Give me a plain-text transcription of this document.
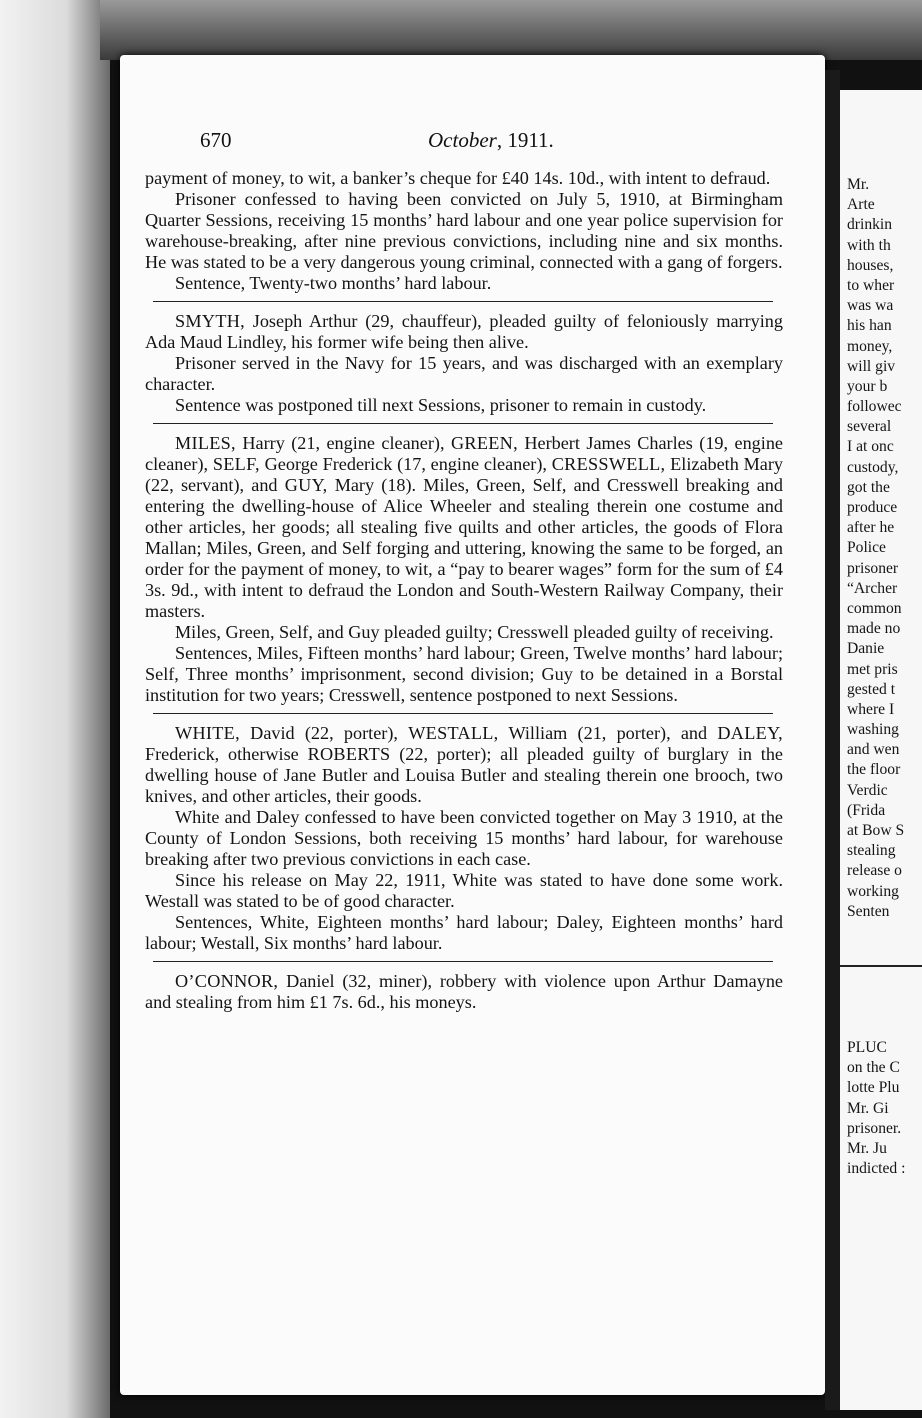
670	October, 1911.

payment of money, to wit, a banker’s cheque for £40 14s. 10d., with intent to defraud.

Prisoner confessed to having been convicted on July 5, 1910, at Birmingham Quarter Sessions, receiving 15 months’ hard labour and one year police supervision for warehouse-breaking, after nine previous convictions, including nine and six months. He was stated to be a very dangerous young criminal, connected with a gang of forgers.

Sentence, Twenty-two months’ hard labour.

SMYTH, Joseph Arthur (29, chauffeur), pleaded guilty of feloniously marrying Ada Maud Lindley, his former wife being then alive.

Prisoner served in the Navy for 15 years, and was discharged with an exemplary character.

Sentence was postponed till next Sessions, prisoner to remain in custody.

MILES, Harry (21, engine cleaner), GREEN, Herbert James Charles (19, engine cleaner), SELF, George Frederick (17, engine cleaner), CRESSWELL, Elizabeth Mary (22, servant), and GUY, Mary (18). Miles, Green, Self, and Cresswell breaking and entering the dwelling-house of Alice Wheeler and stealing therein one costume and other articles, her goods; all stealing five quilts and other articles, the goods of Flora Mallan; Miles, Green, and Self forging and uttering, knowing the same to be forged, an order for the payment of money, to wit, a “pay to bearer wages” form for the sum of £4 3s. 9d., with intent to defraud the London and South-Western Railway Company, their masters.

Miles, Green, Self, and Guy pleaded guilty; Cresswell pleaded guilty of receiving.

Sentences, Miles, Fifteen months’ hard labour; Green, Twelve months’ hard labour; Self, Three months’ imprisonment, second division; Guy to be detained in a Borstal institution for two years; Cresswell, sentence postponed to next Sessions.

WHITE, David (22, porter), WESTALL, William (21, porter), and DALEY, Frederick, otherwise ROBERTS (22, porter); all pleaded guilty of burglary in the dwelling house of Jane Butler and Louisa Butler and stealing therein one brooch, two knives, and other articles, their goods.

White and Daley confessed to have been convicted together on May 3 1910, at the County of London Sessions, both receiving 15 months’ hard labour, for warehouse breaking after two previous convictions in each case.

Since his release on May 22, 1911, White was stated to have done some work. Westall was stated to be of good character.

Sentences, White, Eighteen months’ hard labour; Daley, Eighteen months’ hard labour; Westall, Six months’ hard labour.

O’CONNOR, Daniel (32, miner), robbery with violence upon Arthur Damayne and stealing from him £1 7s. 6d., his moneys.

Mr.
Arte
drinkin
with th
houses,
to wher
was wa
his han
money,
will giv
your b
followec
several
I at onc
custody,
got the
produce
after he
Police
prisoner
“Archer
common
made no
Danie
met pris
gested t
where I
washing
and wen
the floor
Verdic
(Frida
at Bow S
stealing
release o
working
Senten
PLUC
on the C
lotte Plu
Mr. Gi
prisoner.
Mr. Ju
indicted :
